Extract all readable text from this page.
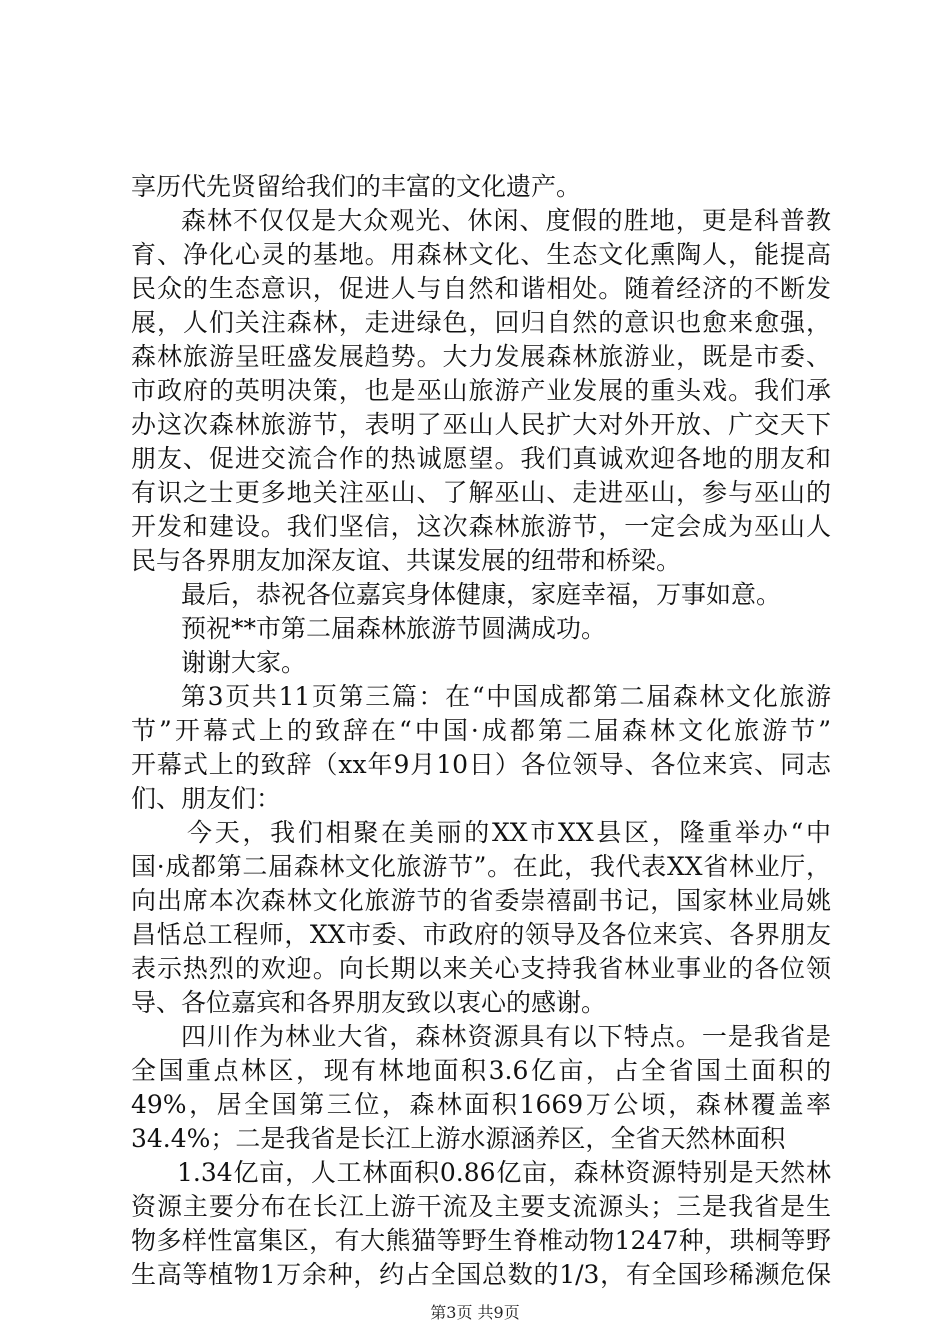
享历代先贤留给我们的丰富的文化遗产。
森林不仅仅是大众观光、休闲、度假的胜地，更是科普教
育、净化心灵的基地。用森林文化、生态文化熏陶人，能提高
民众的生态意识，促进人与自然和谐相处。随着经济的不断发
展，人们关注森林，走进绿色，回归自然的意识也愈来愈强，
森林旅游呈旺盛发展趋势。大力发展森林旅游业，既是市委、
市政府的英明决策，也是巫山旅游产业发展的重头戏。我们承
办这次森林旅游节，表明了巫山人民扩大对外开放、广交天下
朋友、促进交流合作的热诚愿望。我们真诚欢迎各地的朋友和
有识之士更多地关注巫山、了解巫山、走进巫山，参与巫山的
开发和建设。我们坚信，这次森林旅游节，一定会成为巫山人
民与各界朋友加深友谊、共谋发展的纽带和桥梁。
最后，恭祝各位嘉宾身体健康，家庭幸福，万事如意。
预祝**市第二届森林旅游节圆满成功。
谢谢大家。
第3页共11页第三篇：在“中国成都第二届森林文化旅游
节”开幕式上的致辞在“中国·成都第二届森林文化旅游节”
开幕式上的致辞（xx年9月10日）各位领导、各位来宾、同志
们、朋友们：
今天，我们相聚在美丽的XX市XX县区，隆重举办“中
国·成都第二届森林文化旅游节”。在此，我代表XX省林业厅，
向出席本次森林文化旅游节的省委崇禧副书记，国家林业局姚
昌恬总工程师，XX市委、市政府的领导及各位来宾、各界朋友
表示热烈的欢迎。向长期以来关心支持我省林业事业的各位领
导、各位嘉宾和各界朋友致以衷心的感谢。
四川作为林业大省，森林资源具有以下特点。一是我省是
全国重点林区，现有林地面积3.6亿亩，占全省国土面积的
49%，居全国第三位，森林面积1669万公顷，森林覆盖率
34.4%；二是我省是长江上游水源涵养区，全省天然林面积
1.34亿亩，人工林面积0.86亿亩，森林资源特别是天然林
资源主要分布在长江上游干流及主要支流源头；三是我省是生
物多样性富集区，有大熊猫等野生脊椎动物1247种，珙桐等野
生高等植物1万余种，约占全国总数的1/3，有全国珍稀濒危保
第3页 共9页
